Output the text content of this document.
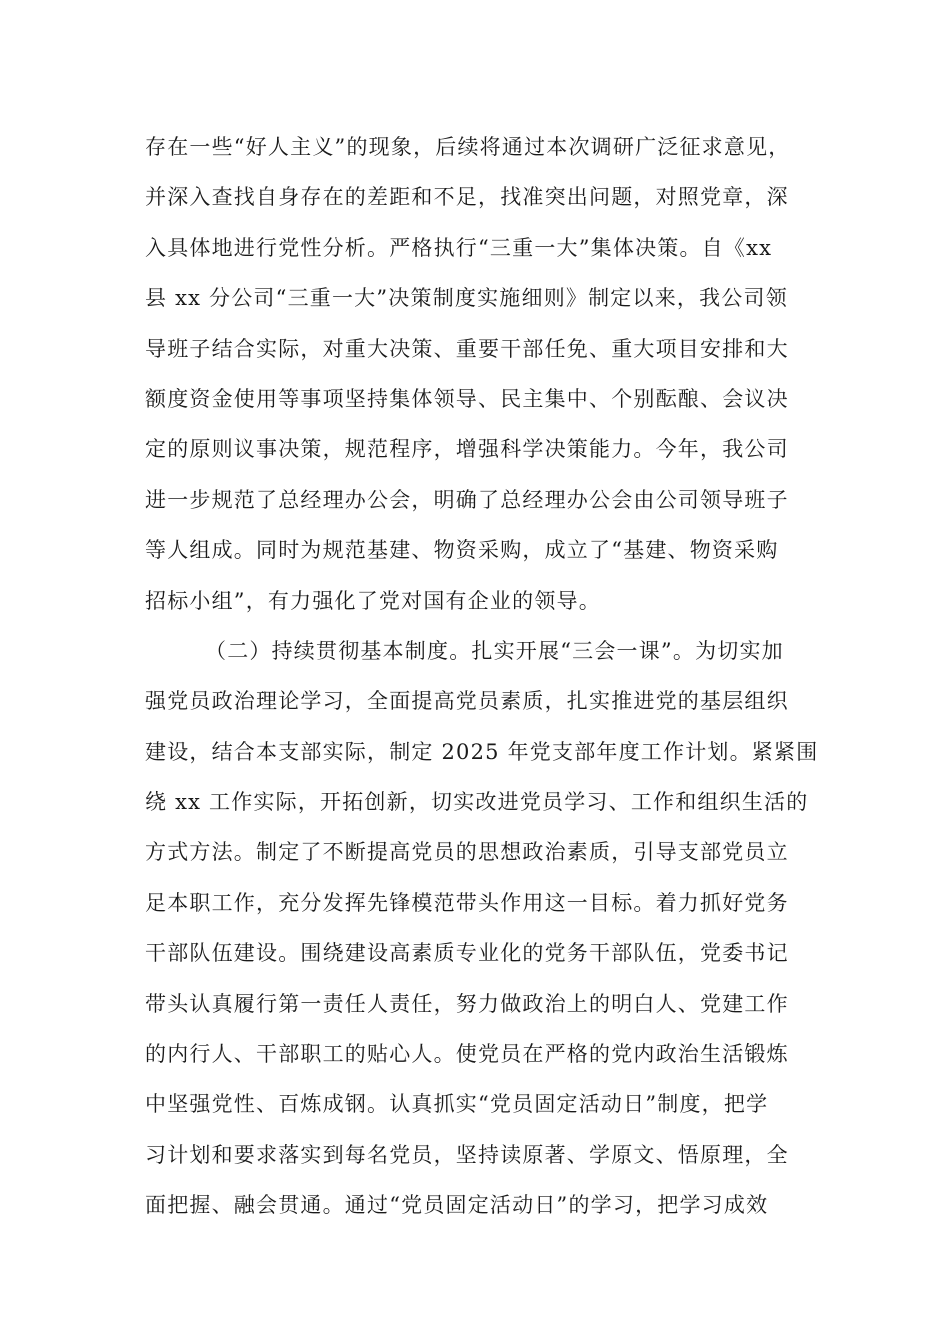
存在一些“好人主义”的现象，后续将通过本次调研广泛征求意见，
并深入查找自身存在的差距和不足，找准突出问题，对照党章，深
入具体地进行党性分析。严格执行“三重一大”集体决策。自《xx
县 xx 分公司“三重一大”决策制度实施细则》制定以来，我公司领
导班子结合实际，对重大决策、重要干部任免、重大项目安排和大
额度资金使用等事项坚持集体领导、民主集中、个别酝酿、会议决
定的原则议事决策，规范程序，增强科学决策能力。今年，我公司
进一步规范了总经理办公会，明确了总经理办公会由公司领导班子
等人组成。同时为规范基建、物资采购，成立了“基建、物资采购
招标小组”，有力强化了党对国有企业的领导。
（二）持续贯彻基本制度。扎实开展“三会一课”。为切实加
强党员政治理论学习，全面提高党员素质，扎实推进党的基层组织
建设，结合本支部实际，制定 2025 年党支部年度工作计划。紧紧围
绕 xx 工作实际，开拓创新，切实改进党员学习、工作和组织生活的
方式方法。制定了不断提高党员的思想政治素质，引导支部党员立
足本职工作，充分发挥先锋模范带头作用这一目标。着力抓好党务
干部队伍建设。围绕建设高素质专业化的党务干部队伍，党委书记
带头认真履行第一责任人责任，努力做政治上的明白人、党建工作
的内行人、干部职工的贴心人。使党员在严格的党内政治生活锻炼
中坚强党性、百炼成钢。认真抓实“党员固定活动日”制度，把学
习计划和要求落实到每名党员，坚持读原著、学原文、悟原理，全
面把握、融会贯通。通过“党员固定活动日”的学习，把学习成效
